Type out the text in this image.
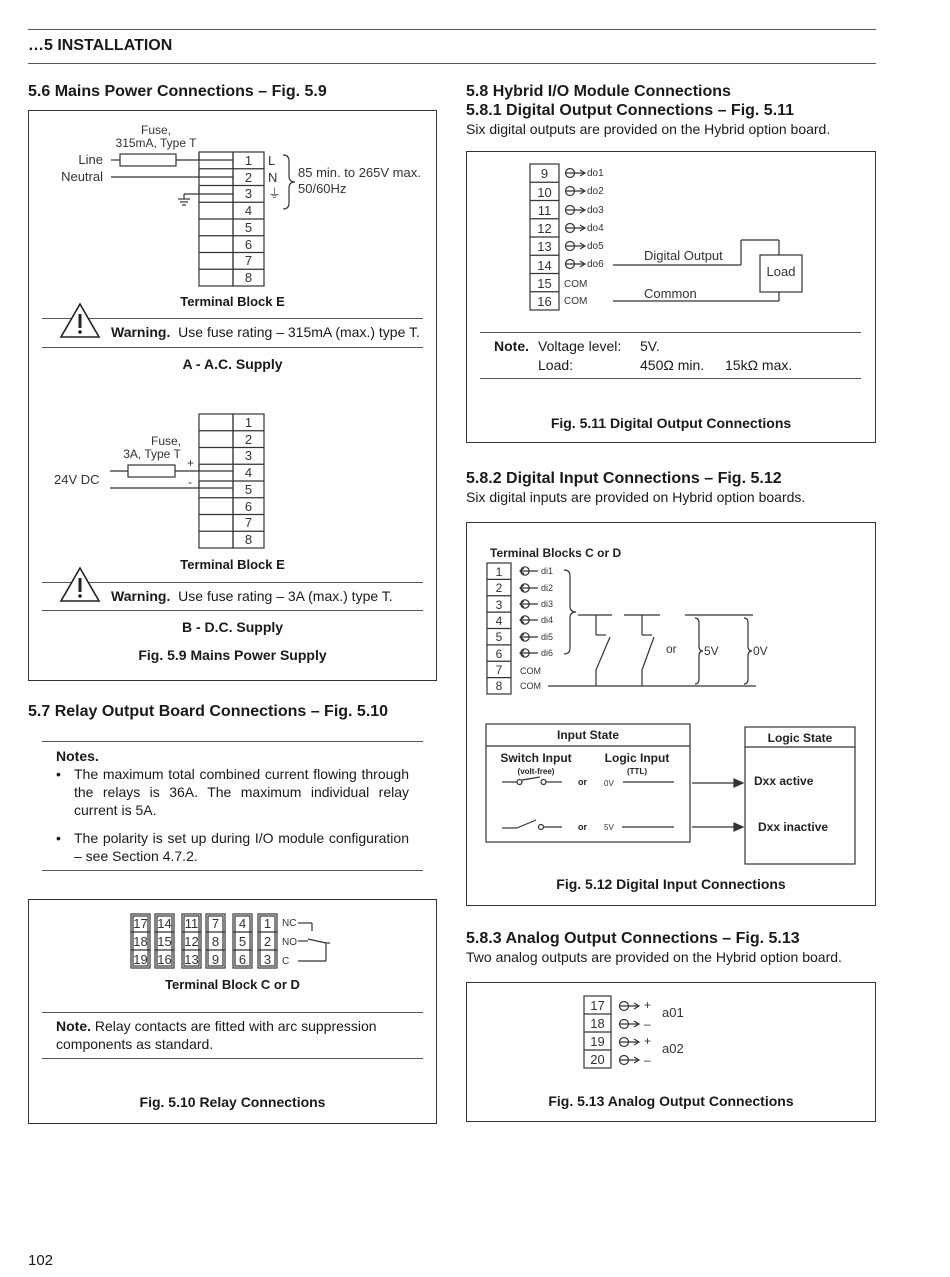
…5 INSTALLATION
5.6 Mains Power Connections – Fig. 5.9
Fuse,
315mA, Type T
Line
Neutral
1
2
3
4
5
6
7
8
L
N
⏚
85 min. to 265V max.
50/60Hz
Terminal Block E
Warning. Use fuse rating – 315mA (max.) type T.
A - A.C. Supply
Fuse,
3A, Type T
+
-
24V DC
1
2
3
4
5
6
7
8
Terminal Block E
Warning. Use fuse rating – 3A (max.) type T.
B - D.C. Supply
Fig. 5.9 Mains Power Supply
5.7 Relay Output Board Connections – Fig. 5.10
Notes.
• The maximum total combined current flowing through the relays is 36A. The maximum individual relay current is 5A.
• The polarity is set up during I/O module configuration – see Section 4.7.2.
17
18
19
14
15
16
11
12
13
7
8
9
4
5
6
1
2
3
NC
NO
C
Terminal Block C or D
Note. Relay contacts are fitted with arc suppression components as standard.
Fig. 5.10 Relay Connections
5.8 Hybrid I/O Module Connections
5.8.1 Digital Output Connections – Fig. 5.11
Six digital outputs are provided on the Hybrid option board.
9
10
11
12
13
14
15
16
do1
do2
do3
do4
do5
do6
COM
COM
Digital Output
Common
Load
Note. Voltage level: 5V.
Load:	450Ω min. 15kΩ max.
Fig. 5.11 Digital Output Connections
5.8.2 Digital Input Connections – Fig. 5.12
Six digital inputs are provided on Hybrid option boards.
Terminal Blocks C or D
1
2
3
4
5
6
7
8
di1
di2
di3
di4
di5
di6
COM
COM
or 5V	0V
Input State
Switch Input
(volt-free)
Logic Input
(TTL)
or 0V
or 5V
Logic State
Dxx active
Dxx inactive
Fig. 5.12 Digital Input Connections
5.8.3 Analog Output Connections – Fig. 5.13
Two analog outputs are provided on the Hybrid option board.
17
18
19
20
+
–
+
–
a01
a02
Fig. 5.13 Analog Output Connections
102
